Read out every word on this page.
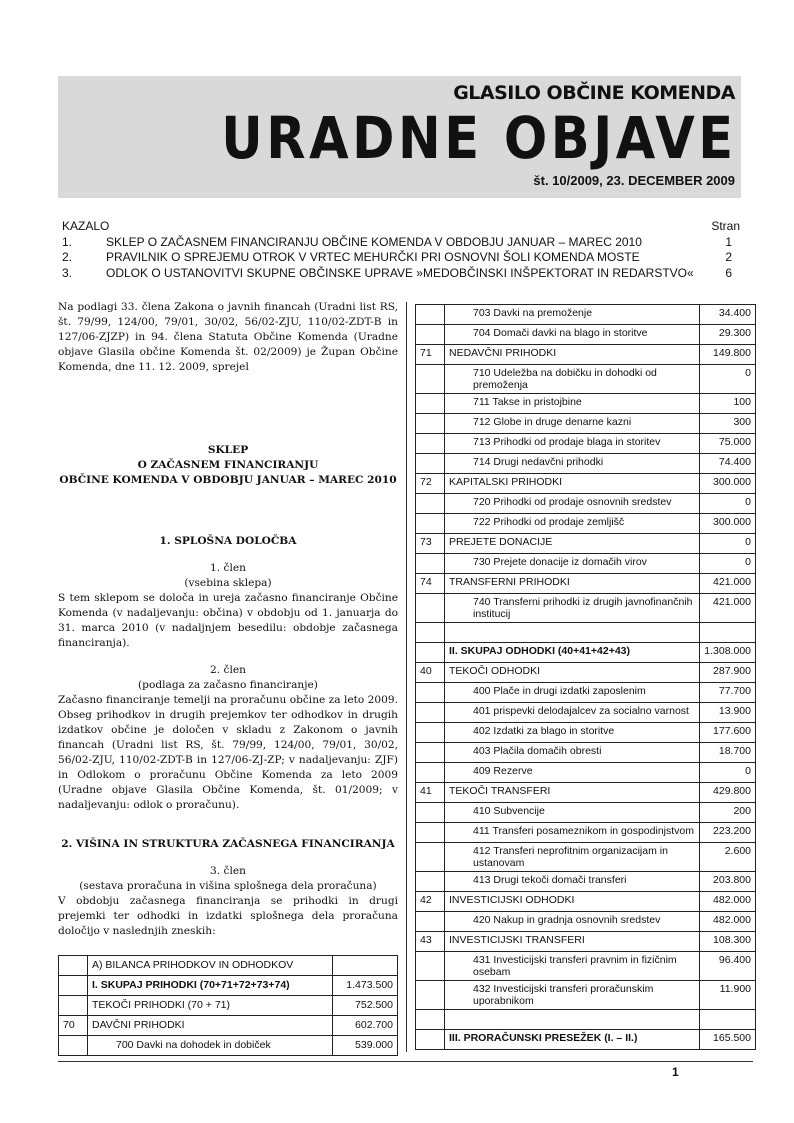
GLASILO OBČINE KOMENDA
URADNE OBJAVE
št. 10/2009, 23. DECEMBER 2009
KAZALO	Stran
1.	SKLEP O ZAČASNEM FINANCIRANJU OBČINE KOMENDA V OBDOBJU JANUAR – MAREC 2010	1
2.	PRAVILNIK O SPREJEMU OTROK V VRTEC MEHURČKI PRI OSNOVNI ŠOLI KOMENDA MOSTE	2
3.	ODLOK O USTANOVITVI SKUPNE OBČINSKE UPRAVE »MEDOBČINSKI INŠPEKTORAT IN REDARSTVO«	6

Na podlagi 33. člena Zakona o javnih financah (Uradni list RS, št. 79/99, 124/00, 79/01, 30/02, 56/02-ZJU, 110/02-ZDT-B in 127/06-ZJZP) in 94. člena Statuta Občine Komenda (Uradne objave Glasila občine Komenda št. 02/2009) je Župan Občine Komenda, dne 11. 12. 2009, sprejel

SKLEP

O ZAČASNEM FINANCIRANJU

OBČINE KOMENDA V OBDOBJU JANUAR – MAREC 2010

1. SPLOŠNA DOLOČBA

1. člen

(vsebina sklepa)

S tem sklepom se določa in ureja začasno financiranje Občine Komenda (v nadaljevanju: občina) v obdobju od 1. januarja do 31. marca 2010 (v nadaljnjem besedilu: obdobje začasnega financiranja).

2. člen

(podlaga za začasno financiranje)

Začasno financiranje temelji na proračunu občine za leto 2009. Obseg prihodkov in drugih prejemkov ter odhodkov in drugih izdatkov občine je določen v skladu z Zakonom o javnih financah (Uradni list RS, št. 79/99, 124/00, 79/01, 30/02, 56/02-ZJU, 110/02-ZDT-B in 127/06-ZJ-ZP; v nadaljevanju: ZJF) in Odlokom o proračunu Občine Komenda za leto 2009 (Uradne objave Glasila Občine Komenda, št. 01/2009; v nadaljevanju: odlok o proračunu).

2. VIŠINA IN STRUKTURA ZAČASNEGA FINANCIRANJA

3. člen

(sestava proračuna in višina splošnega dela proračuna)

V obdobju začasnega financiranja se prihodki in drugi prejemki ter odhodki in izdatki splošnega dela proračuna določijo v naslednjih zneskih:

	A) BILANCA PRIHODKOV IN ODHODKOV	
	I. SKUPAJ PRIHODKI (70+71+72+73+74)	1.473.500
	TEKOČI PRIHODKI (70 + 71)	752.500
70	DAVČNI PRIHODKI	602.700
	700 Davki na dohodek in dobiček	539.000
	703 Davki na premoženje	34.400
	704 Domači davki na blago in storitve	29.300
71	NEDAVČNI PRIHODKI	149.800
	710 Udeležba na dobičku in dohodki od premoženja	0
	711 Takse in pristojbine	100
	712 Globe in druge denarne kazni	300
	713 Prihodki od prodaje blaga in storitev	75.000
	714 Drugi nedavčni prihodki	74.400
72	KAPITALSKI PRIHODKI	300.000
	720 Prihodki od prodaje osnovnih sredstev	0
	722 Prihodki od prodaje zemljišč	300.000
73	PREJETE DONACIJE	0
	730 Prejete donacije iz domačih virov	0
74	TRANSFERNI PRIHODKI	421.000
	740 Transferni prihodki iz drugih javnofinančnih institucij	421.000

	II. SKUPAJ ODHODKI (40+41+42+43)	1.308.000
40	TEKOČI ODHODKI	287.900
	400 Plače in drugi izdatki zaposlenim	77.700
	401 prispevki delodajalcev za socialno varnost	13.900
	402 Izdatki za blago in storitve	177.600
	403 Plačila domačih obresti	18.700
	409 Rezerve	0
41	TEKOČI TRANSFERI	429.800
	410 Subvencije	200
	411 Transferi posameznikom in gospodinjstvom	223.200
	412 Transferi neprofitnim organizacijam in ustanovam	2.600
	413 Drugi tekoči domači transferi	203.800
42	INVESTICIJSKI ODHODKI	482.000
	420 Nakup in gradnja osnovnih sredstev	482.000
43	INVESTICIJSKI TRANSFERI	108.300
	431 Investicijski transferi pravnim in fizičnim osebam	96.400
	432 Investicijski transferi proračunskim uporabnikom	11.900

	III. PRORAČUNSKI PRESEŽEK (I. – II.)	165.500
1
